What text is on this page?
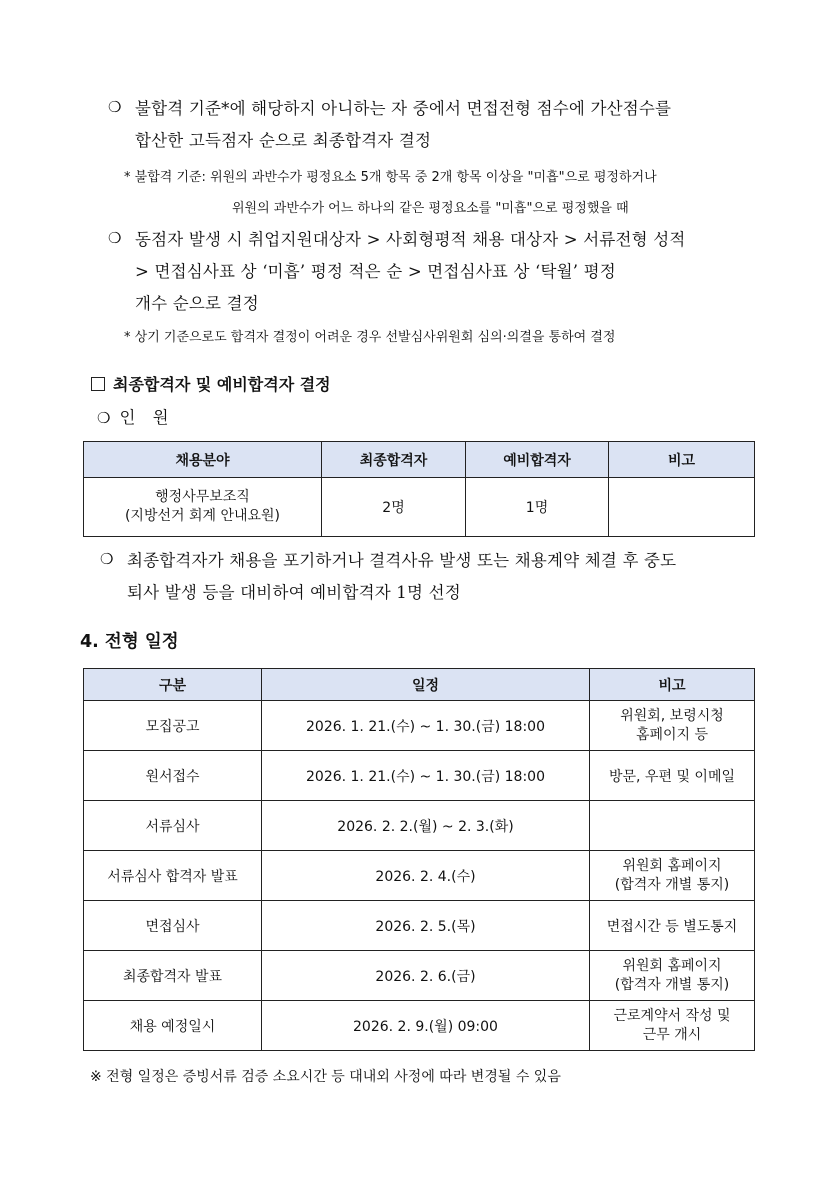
❍ 불합격 기준*에 해당하지 아니하는 자 중에서 면접전형 점수에 가산점수를
합산한 고득점자 순으로 최종합격자 결정
* 불합격 기준: 위원의 과반수가 평정요소 5개 항목 중 2개 항목 이상을 "미흡"으로 평정하거나
위원의 과반수가 어느 하나의 같은 평정요소를 "미흡"으로 평정했을 때
❍ 동점자 발생 시 취업지원대상자 > 사회형평적 채용 대상자 > 서류전형 성적
> 면접심사표 상 ‘미흡’ 평정 적은 순 > 면접심사표 상 ‘탁월’ 평정
개수 순으로 결정
* 상기 기준으로도 합격자 결정이 어려운 경우 선발심사위원회 심의·의결을 통하여 결정
최종합격자 및 예비합격자 결정
❍ 인 원
채용분야	최종합격자	예비합격자	비고

행정사무보조직
(지방선거 회계 안내요원)	2명	1명	
❍ 최종합격자가 채용을 포기하거나 결격사유 발생 또는 채용계약 체결 후 중도
퇴사 발생 등을 대비하여 예비합격자 1명 선정
4. 전형 일정
구분	일정	비고
모집공고	2026. 1. 21.(수) ~ 1. 30.(금) 18:00	위원회, 보령시청
홈페이지 등

원서접수	2026. 1. 21.(수) ~ 1. 30.(금) 18:00	방문, 우편 및 이메일
서류심사	2026. 2. 2.(월) ~ 2. 3.(화)	
서류심사 합격자 발표	2026. 2. 4.(수)	위원회 홈페이지
(합격자 개별 통지)

면접심사	2026. 2. 5.(목)	면접시간 등 별도통지
최종합격자 발표	2026. 2. 6.(금)	위원회 홈페이지
(합격자 개별 통지)

채용 예정일시	2026. 2. 9.(월) 09:00	근로계약서 작성 및
근무 개시
※ 전형 일정은 증빙서류 검증 소요시간 등 대내외 사정에 따라 변경될 수 있음
